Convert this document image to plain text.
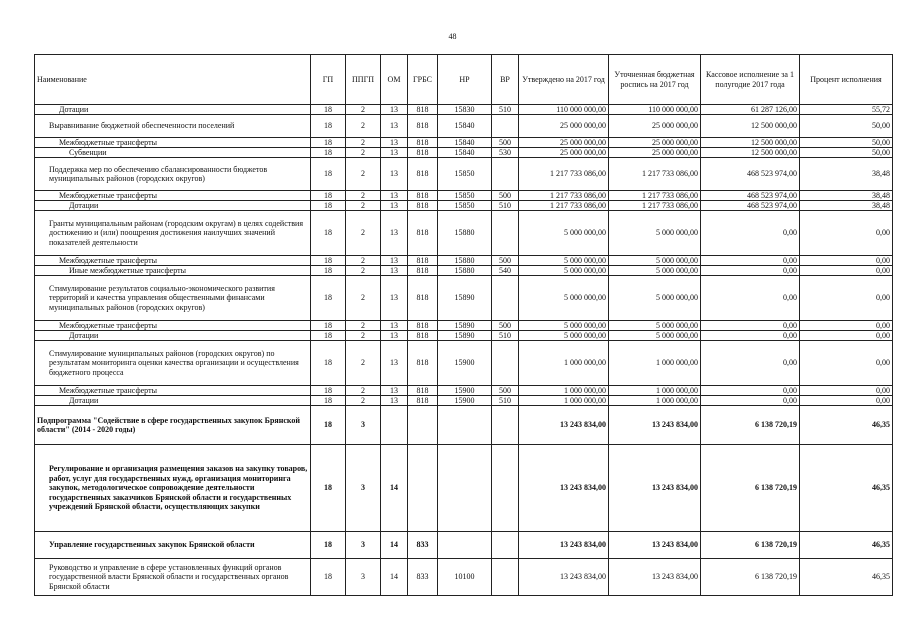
48
Наименование	ГП	ППГП	ОМ	ГРБС	НР	ВР	Утверждено на 2017 год	Уточненная бюджетная роспись на 2017 год	Кассовое исполнение за 1 полугодие 2017 года	Процент исполнения
Дотации	18	2	13	818	15830	510	110 000 000,00	110 000 000,00	61 287 126,00	55,72
Выравнивание бюджетной обеспеченности поселений	18	2	13	818	15840		25 000 000,00	25 000 000,00	12 500 000,00	50,00
Межбюджетные трансферты	18	2	13	818	15840	500	25 000 000,00	25 000 000,00	12 500 000,00	50,00
Субвенции	18	2	13	818	15840	530	25 000 000,00	25 000 000,00	12 500 000,00	50,00
Поддержка мер по обеспечению сбалансированности бюджетов муниципальных районов (городских округов)	18	2	13	818	15850		1 217 733 086,00	1 217 733 086,00	468 523 974,00	38,48
Межбюджетные трансферты	18	2	13	818	15850	500	1 217 733 086,00	1 217 733 086,00	468 523 974,00	38,48
Дотации	18	2	13	818	15850	510	1 217 733 086,00	1 217 733 086,00	468 523 974,00	38,48
Гранты муниципальным районам (городским округам) в целях содействия достижению и (или) поощрения достижения наилучших значений показателей деятельности	18	2	13	818	15880		5 000 000,00	5 000 000,00	0,00	0,00
Межбюджетные трансферты	18	2	13	818	15880	500	5 000 000,00	5 000 000,00	0,00	0,00
Иные межбюджетные трансферты	18	2	13	818	15880	540	5 000 000,00	5 000 000,00	0,00	0,00
Стимулирование результатов социально-экономического развития территорий и качества управления общественными финансами муниципальных районов (городских округов)	18	2	13	818	15890		5 000 000,00	5 000 000,00	0,00	0,00
Межбюджетные трансферты	18	2	13	818	15890	500	5 000 000,00	5 000 000,00	0,00	0,00
Дотации	18	2	13	818	15890	510	5 000 000,00	5 000 000,00	0,00	0,00
Стимулирование муниципальных районов (городских округов) по результатам мониторинга оценки качества организации и осуществления бюджетного процесса	18	2	13	818	15900		1 000 000,00	1 000 000,00	0,00	0,00
Межбюджетные трансферты	18	2	13	818	15900	500	1 000 000,00	1 000 000,00	0,00	0,00
Дотации	18	2	13	818	15900	510	1 000 000,00	1 000 000,00	0,00	0,00
Подпрограмма "Содействие в сфере государственных закупок Брянской области" (2014 - 2020 годы)	18	3					13 243 834,00	13 243 834,00	6 138 720,19	46,35
Регулирование и организация размещения заказов на закупку товаров, работ, услуг для государственных нужд, организация мониторинга закупок, методологическое сопровождение деятельности государственных заказчиков Брянской области и государственных учреждений Брянской области, осуществляющих закупки	18	3	14				13 243 834,00	13 243 834,00	6 138 720,19	46,35
Управление государственных закупок Брянской области	18	3	14	833			13 243 834,00	13 243 834,00	6 138 720,19	46,35
Руководство и управление в сфере установленных функций органов государственной власти Брянской области и государственных органов Брянской области	18	3	14	833	10100		13 243 834,00	13 243 834,00	6 138 720,19	46,35
